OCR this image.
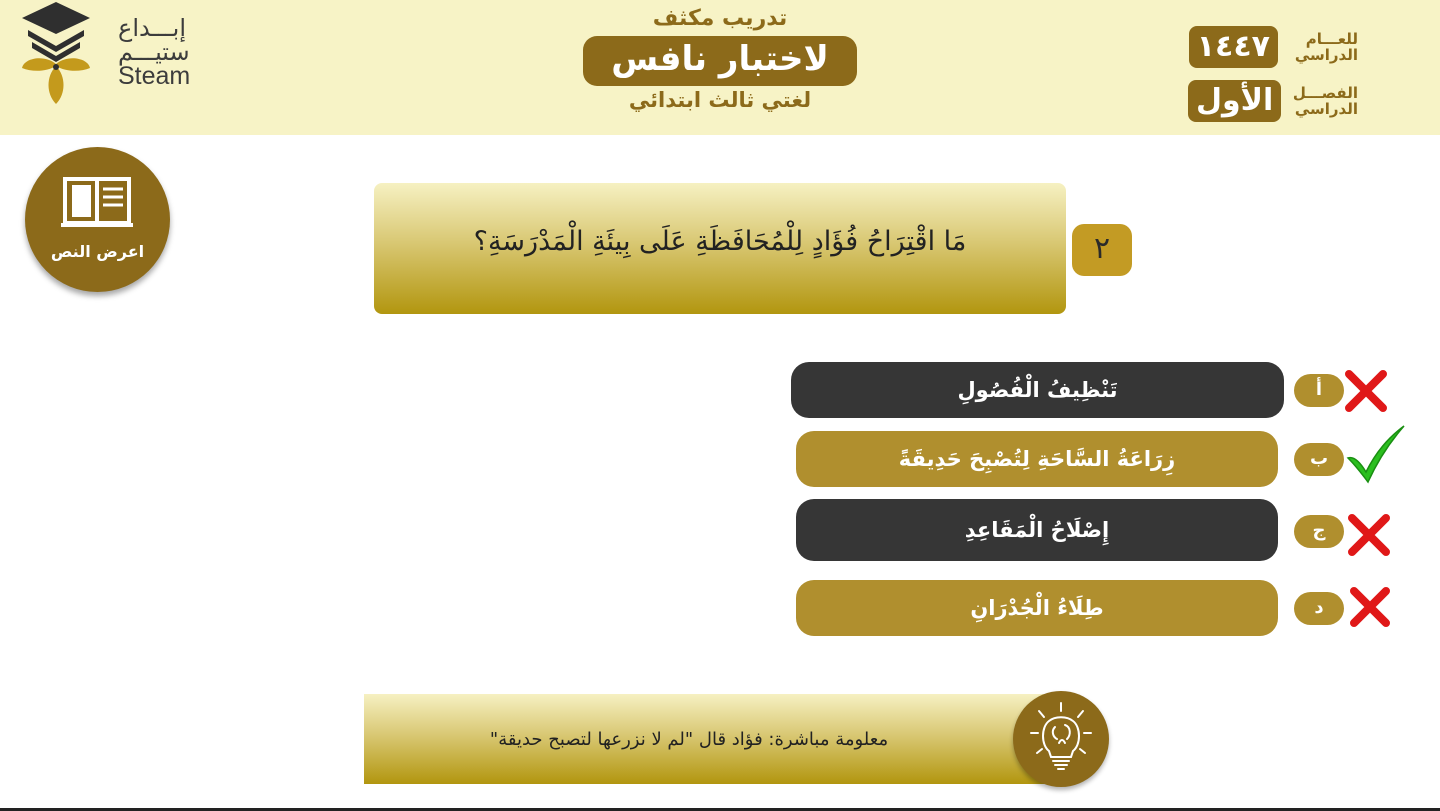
إبـــداع
ستيـــم
Steam
تدريب مكثف
لاختبار نافس
لغتي ثالث ابتدائي
للعـــام الدراسي
١٤٤٧
الفصـــل الدراسي
الأول
اعرض النص	مَا اقْتِرَاحُ فُؤَادٍ لِلْمُحَافَظَةِ عَلَى بِيئَةِ الْمَدْرَسَةِ؟	٢
تَنْظِيفُ الْفُصُولِ	أ
زِرَاعَةُ السَّاحَةِ لِتُصْبِحَ حَدِيقَةً	ب
إِصْلَاحُ الْمَقَاعِدِ	ج
طِلَاءُ الْجُدْرَانِ	د
معلومة مباشرة: فؤاد قال "لم لا نزرعها لتصبح حديقة"
